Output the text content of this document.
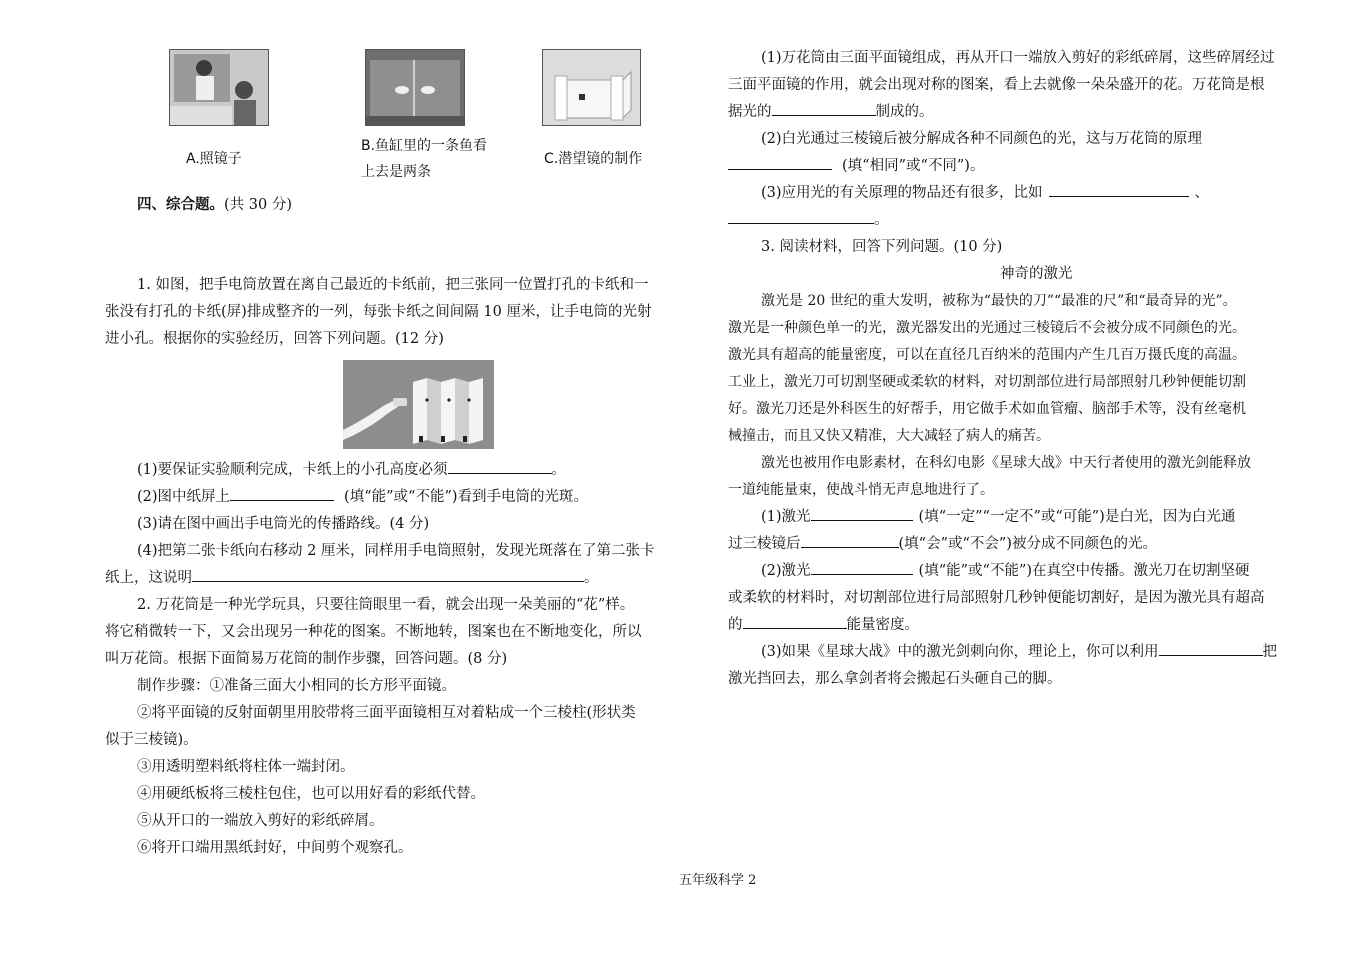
A.照镜子
B.鱼缸里的一条鱼看
上去是两条
C.潜望镜的制作
四、综合题。(共 30 分)
1. 如图，把手电筒放置在离自己最近的卡纸前，把三张同一位置打孔的卡纸和一
张没有打孔的卡纸(屏)排成整齐的一列，每张卡纸之间间隔 10 厘米，让手电筒的光射
进小孔。根据你的实验经历，回答下列问题。(12 分)
(1)要保证实验顺利完成，卡纸上的小孔高度必须	。
(2)图中纸屏上	(填“能”或“不能”)看到手电筒的光斑。
(3)请在图中画出手电筒光的传播路线。(4 分)
(4)把第二张卡纸向右移动 2 厘米，同样用手电筒照射，发现光斑落在了第二张卡
纸上，这说明	。
2. 万花筒是一种光学玩具，只要往筒眼里一看，就会出现一朵美丽的“花”样。
将它稍微转一下，又会出现另一种花的图案。不断地转，图案也在不断地变化，所以
叫万花筒。根据下面简易万花筒的制作步骤，回答问题。(8 分)
制作步骤：①准备三面大小相同的长方形平面镜。
②将平面镜的反射面朝里用胶带将三面平面镜相互对着粘成一个三棱柱(形状类
似于三棱镜)。
③用透明塑料纸将柱体一端封闭。
④用硬纸板将三棱柱包住，也可以用好看的彩纸代替。
⑤从开口的一端放入剪好的彩纸碎屑。
⑥将开口端用黑纸封好，中间剪个观察孔。
(1)万花筒由三面平面镜组成，再从开口一端放入剪好的彩纸碎屑，这些碎屑经过
三面平面镜的作用，就会出现对称的图案，看上去就像一朵朵盛开的花。万花筒是根
据光的	制成的。
(2)白光通过三棱镜后被分解成各种不同颜色的光，这与万花筒的原理
(填“相同”或“不同”)。
(3)应用光的有关原理的物品还有很多，比如	、
。
3. 阅读材料，回答下列问题。(10 分)
神奇的激光
激光是 20 世纪的重大发明，被称为“最快的刀”“最准的尺”和“最奇异的光”。
激光是一种颜色单一的光，激光器发出的光通过三棱镜后不会被分成不同颜色的光。
激光具有超高的能量密度，可以在直径几百纳米的范围内产生几百万摄氏度的高温。
工业上，激光刀可切割坚硬或柔软的材料，对切割部位进行局部照射几秒钟便能切割
好。激光刀还是外科医生的好帮手，用它做手术如血管瘤、脑部手术等，没有丝毫机
械撞击，而且又快又精准，大大减轻了病人的痛苦。
激光也被用作电影素材，在科幻电影《星球大战》中天行者使用的激光剑能释放
一道纯能量束，使战斗悄无声息地进行了。
(1)激光	(填“一定”“一定不”或“可能”)是白光，因为白光通
过三棱镜后	(填“会”或“不会”)被分成不同颜色的光。
(2)激光	(填“能”或“不能”)在真空中传播。激光刀在切割坚硬
或柔软的材料时，对切割部位进行局部照射几秒钟便能切割好，是因为激光具有超高
的	能量密度。
(3)如果《星球大战》中的激光剑刺向你，理论上，你可以利用	把
激光挡回去，那么拿剑者将会搬起石头砸自己的脚。
五年级科学 2
